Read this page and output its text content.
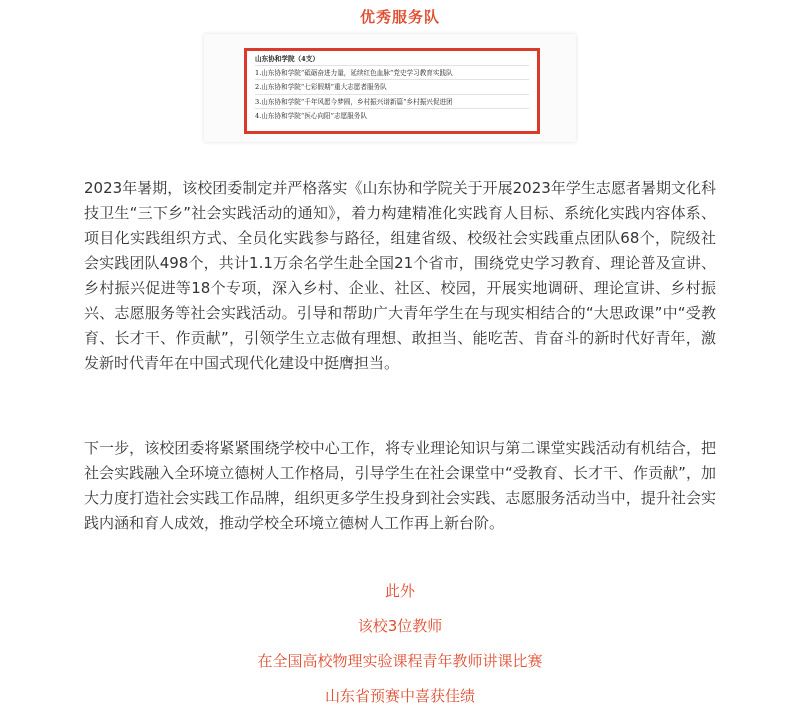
优秀服务队
山东协和学院（4支）
1.山东协和学院“砥砺奋进力量，延续红色血脉”党史学习教育实践队
2.山东协和学院“七彩假期”重大志愿者服务队
3.山东协和学院“千年风愿今梦圆，乡村振兴谱新篇”乡村振兴促进团
4.山东协和学院“医心向阳”志愿服务队

2023年暑期，该校团委制定并严格落实《山东协和学院关于开展2023年学生志愿者暑期文化科技卫生“三下乡”社会实践活动的通知》，着力构建精准化实践育人目标、系统化实践内容体系、项目化实践组织方式、全员化实践参与路径，组建省级、校级社会实践重点团队68个，院级社会实践团队498个，共计1.1万余名学生赴全国21个省市，围绕党史学习教育、理论普及宣讲、乡村振兴促进等18个专项，深入乡村、企业、社区、校园，开展实地调研、理论宣讲、乡村振兴、志愿服务等社会实践活动。引导和帮助广大青年学生在与现实相结合的“大思政课”中“受教育、长才干、作贡献”，引领学生立志做有理想、敢担当、能吃苦、肯奋斗的新时代好青年，激发新时代青年在中国式现代化建设中挺膺担当。

下一步，该校团委将紧紧围绕学校中心工作，将专业理论知识与第二课堂实践活动有机结合，把社会实践融入全环境立德树人工作格局，引导学生在社会课堂中“受教育、长才干、作贡献”，加大力度打造社会实践工作品牌，组织更多学生投身到社会实践、志愿服务活动当中，提升社会实践内涵和育人成效，推动学校全环境立德树人工作再上新台阶。

此外
该校3位教师
在全国高校物理实验课程青年教师讲课比赛
山东省预赛中喜获佳绩
